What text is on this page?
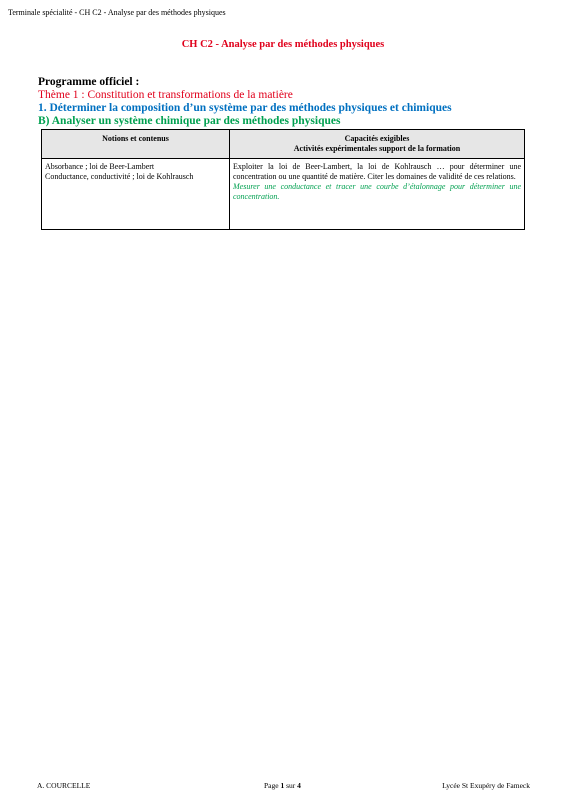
Terminale spécialité - CH C2 - Analyse par des méthodes physiques
CH C2 - Analyse par des méthodes physiques
Programme officiel :
Thème 1 : Constitution et transformations de la matière
1. Déterminer la composition d’un système par des méthodes physiques et chimiques
B) Analyser un système chimique par des méthodes physiques
Notions et contenus	Capacités exigibles
Activités expérimentales support de la formation

Absorbance ; loi de Beer-Lambert
Conductance, conductivité ; loi de Kohlrausch	Exploiter la loi de Beer-Lambert, la loi de Kohlrausch … pour déterminer une concentration ou une quantité de matière. Citer les domaines de validité de ces relations.
Mesurer une conductance et tracer une courbe d’étalonnage pour déterminer une concentration.
A. COURCELLE	Page 1 sur 4	Lycée St Exupéry de Fameck
